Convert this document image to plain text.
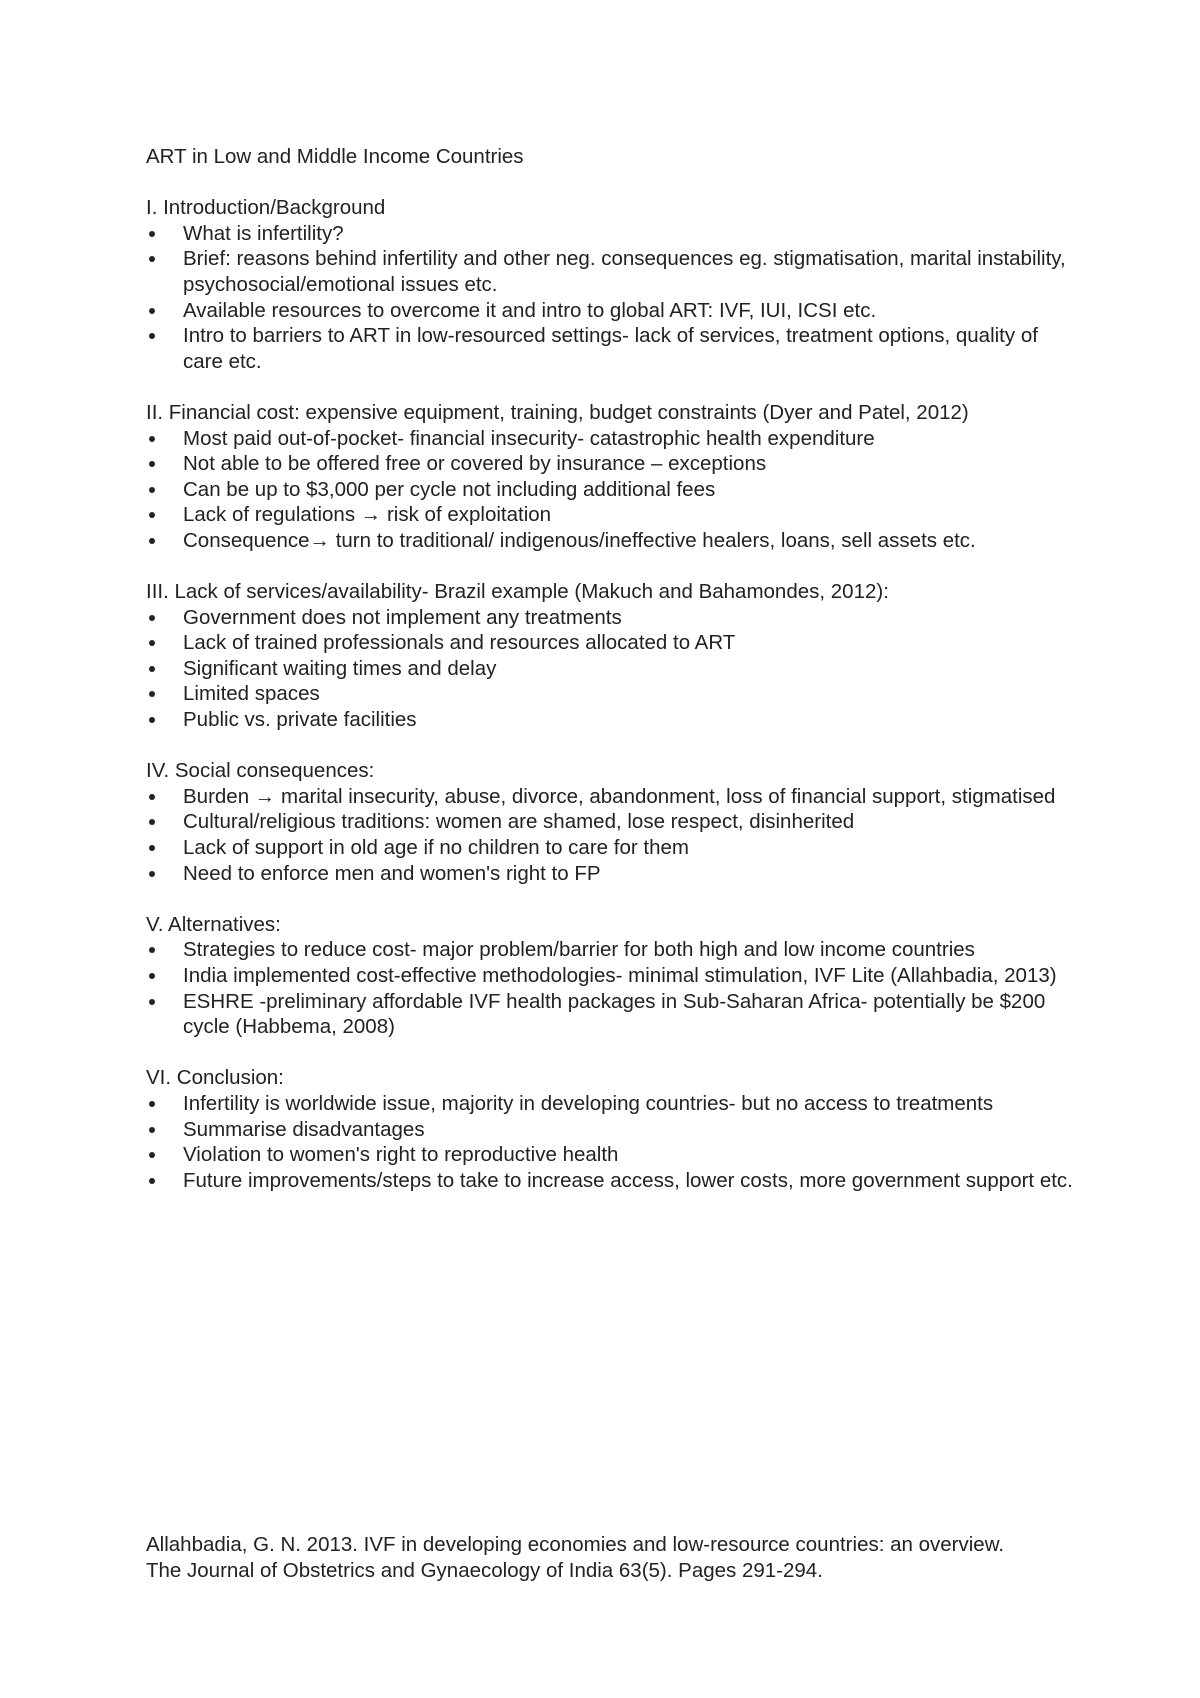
ART in Low and Middle Income Countries
I. Introduction/Background
What is infertility?
Brief: reasons behind infertility and other neg. consequences eg. stigmatisation, marital instability, psychosocial/emotional issues etc.
Available resources to overcome it and intro to global ART: IVF, IUI, ICSI etc.
Intro to barriers to ART in low-resourced settings- lack of services, treatment options, quality of care etc.
II. Financial cost: expensive equipment, training, budget constraints (Dyer and Patel, 2012)
Most paid out-of-pocket- financial insecurity- catastrophic health expenditure
Not able to be offered free or covered by insurance – exceptions
Can be up to $3,000 per cycle not including additional fees
Lack of regulations → risk of exploitation
Consequence→ turn to traditional/ indigenous/ineffective healers, loans, sell assets etc.
III. Lack of services/availability- Brazil example (Makuch and Bahamondes, 2012):
Government does not implement any treatments
Lack of trained professionals and resources allocated to ART
Significant waiting times and delay
Limited spaces
Public vs. private facilities
IV. Social consequences:
Burden → marital insecurity, abuse, divorce, abandonment, loss of financial support, stigmatised
Cultural/religious traditions: women are shamed, lose respect, disinherited
Lack of support in old age if no children to care for them
Need to enforce men and women's right to FP
V. Alternatives:
Strategies to reduce cost- major problem/barrier for both high and low income countries
India implemented cost-effective methodologies- minimal stimulation, IVF Lite (Allahbadia, 2013)
ESHRE -preliminary affordable IVF health packages in Sub-Saharan Africa- potentially be $200 cycle (Habbema, 2008)
VI. Conclusion:
Infertility is worldwide issue, majority in developing countries- but no access to treatments
Summarise disadvantages
Violation to women's right to reproductive health
Future improvements/steps to take to increase access, lower costs, more government support etc.

Allahbadia, G. N. 2013. IVF in developing economies and low-resource countries: an overview. The Journal of Obstetrics and Gynaecology of India 63(5). Pages 291-294.
